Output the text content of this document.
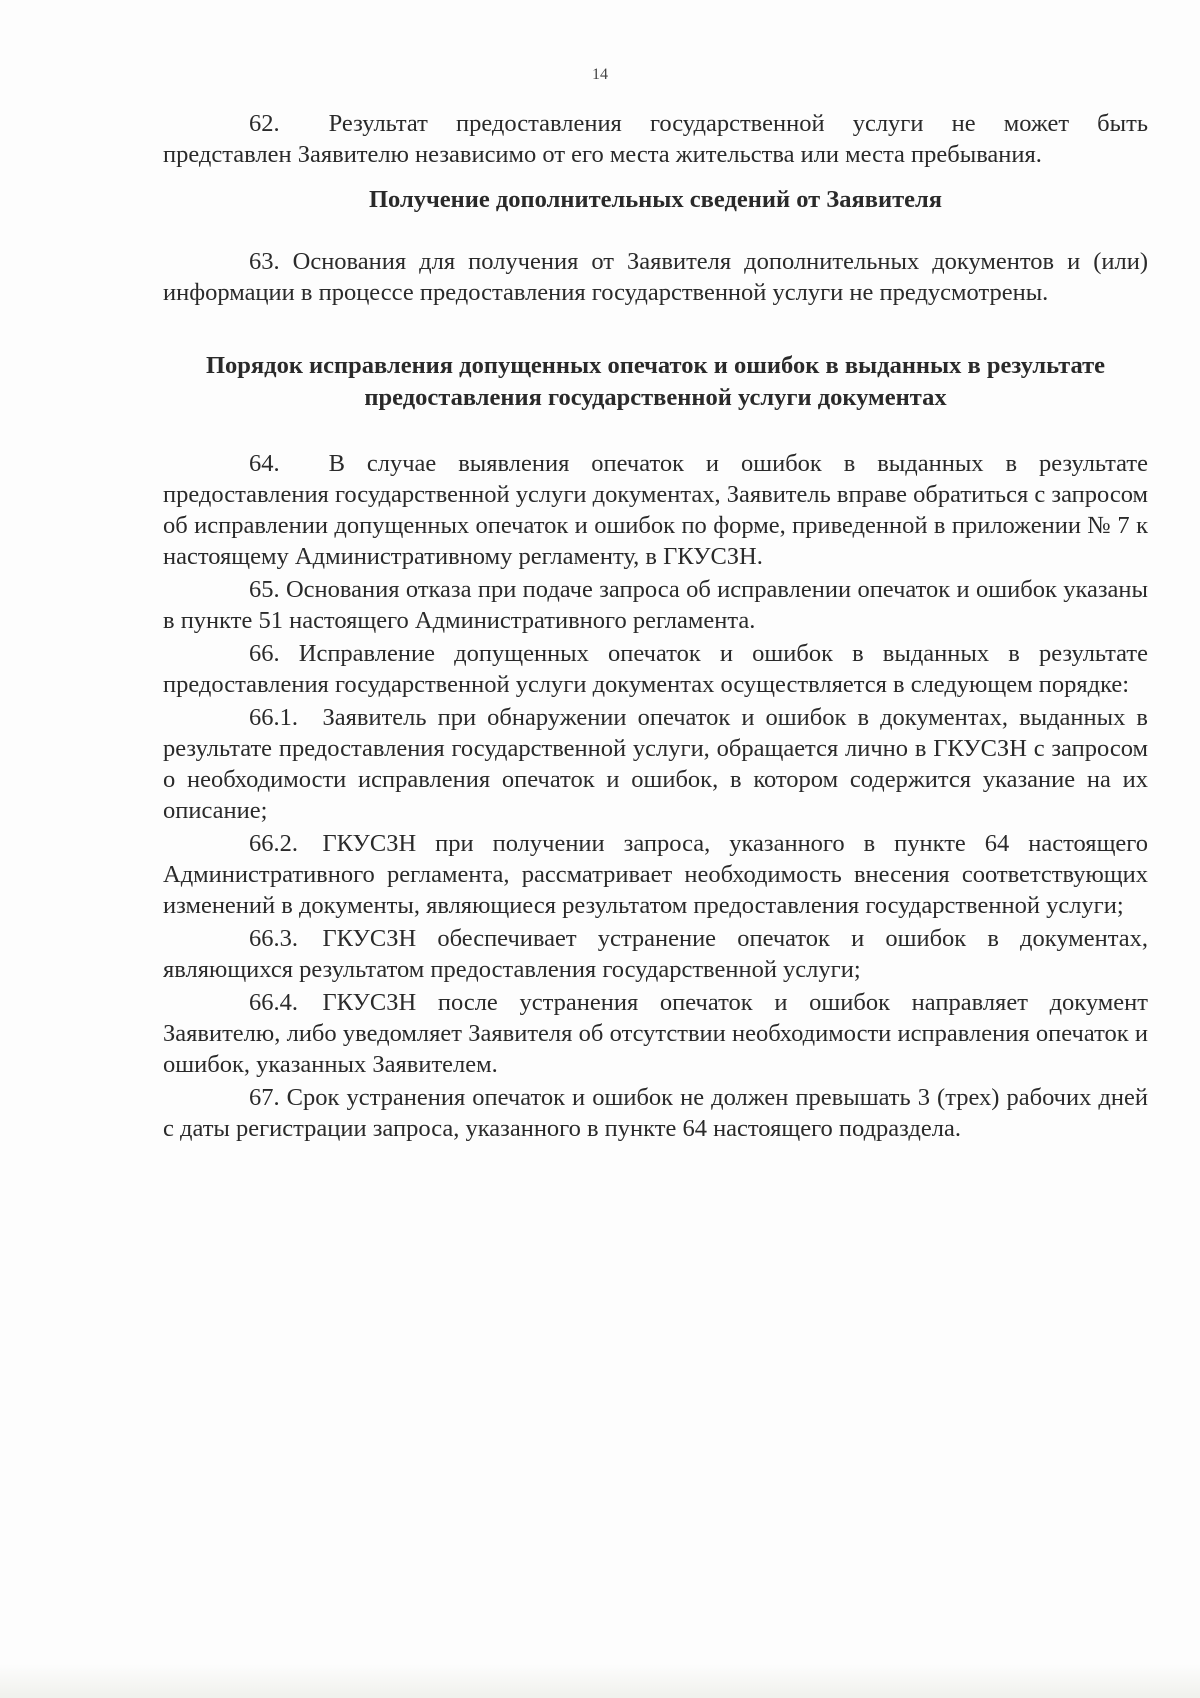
14

62.  Результат предоставления государственной услуги не может быть представлен Заявителю независимо от его места жительства или места пребывания.

Получение дополнительных сведений от Заявителя

63. Основания для получения от Заявителя дополнительных документов и (или) информации в процессе предоставления государственной услуги не предусмотрены.

Порядок исправления допущенных опечаток и ошибок в выданных в результате предоставления государственной услуги документах

64.  В случае выявления опечаток и ошибок в выданных в результате предоставления государственной услуги документах, Заявитель вправе обратиться с запросом об исправлении допущенных опечаток и ошибок по форме, приведенной в приложении № 7 к настоящему Административному регламенту, в ГКУСЗН.

65. Основания отказа при подаче запроса об исправлении опечаток и ошибок указаны в пункте 51 настоящего Административного регламента.

66. Исправление допущенных опечаток и ошибок в выданных в результате предоставления государственной услуги документах осуществляется в следующем порядке:

66.1. Заявитель при обнаружении опечаток и ошибок в документах, выданных в результате предоставления государственной услуги, обращается лично в ГКУСЗН с запросом о необходимости исправления опечаток и ошибок, в котором содержится указание на их описание;

66.2. ГКУСЗН при получении запроса, указанного в пункте 64 настоящего Административного регламента, рассматривает необходимость внесения соответствующих изменений в документы, являющиеся результатом предоставления государственной услуги;

66.3. ГКУСЗН обеспечивает устранение опечаток и ошибок в документах, являющихся результатом предоставления государственной услуги;

66.4. ГКУСЗН после устранения опечаток и ошибок направляет документ Заявителю, либо уведомляет Заявителя об отсутствии необходимости исправления опечаток и ошибок, указанных Заявителем.

67. Срок устранения опечаток и ошибок не должен превышать 3 (трех) рабочих дней с даты регистрации запроса, указанного в пункте 64 настоящего подраздела.
